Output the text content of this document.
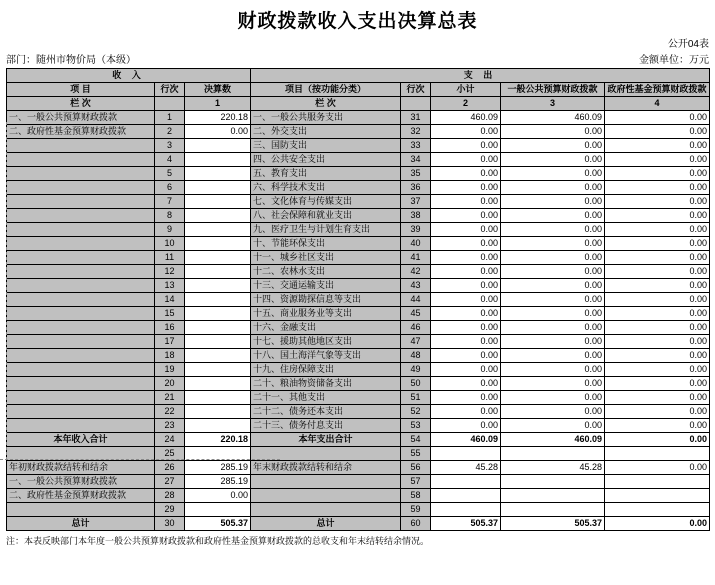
财政拨款收入支出决算总表

公开04表
部门：随州市物价局（本级）	金额单位：万元
收 入			支 出				
项 目	行次	决算数	项目（按功能分类）	行次	小计	一般公共预算财政拨款	政府性基金预算财政拨款
栏 次		1	栏 次		2	3	4
一、一般公共预算财政拨款	1	220.18	一、一般公共服务支出	31	460.09	460.09	0.00
二、政府性基金预算财政拨款	2	0.00	二、外交支出	32	0.00	0.00	0.00
	3		三、国防支出	33	0.00	0.00	0.00
	4		四、公共安全支出	34	0.00	0.00	0.00
	5		五、教育支出	35	0.00	0.00	0.00
	6		六、科学技术支出	36	0.00	0.00	0.00
	7		七、文化体育与传媒支出	37	0.00	0.00	0.00
	8		八、社会保障和就业支出	38	0.00	0.00	0.00
	9		九、医疗卫生与计划生育支出	39	0.00	0.00	0.00
	10		十、节能环保支出	40	0.00	0.00	0.00
	11		十一、城乡社区支出	41	0.00	0.00	0.00
	12		十二、农林水支出	42	0.00	0.00	0.00
	13		十三、交通运输支出	43	0.00	0.00	0.00
	14		十四、资源勘探信息等支出	44	0.00	0.00	0.00
	15		十五、商业服务业等支出	45	0.00	0.00	0.00
	16		十六、金融支出	46	0.00	0.00	0.00
	17		十七、援助其他地区支出	47	0.00	0.00	0.00
	18		十八、国土海洋气象等支出	48	0.00	0.00	0.00
	19		十九、住房保障支出	49	0.00	0.00	0.00
	20		二十、粮油物资储备支出	50	0.00	0.00	0.00
	21		二十一、其他支出	51	0.00	0.00	0.00
	22		二十二、债务还本支出	52	0.00	0.00	0.00
	23		二十三、债务付息支出	53	0.00	0.00	0.00
本年收入合计	24	220.18	本年支出合计	54	460.09	460.09	0.00
	25			55			
年初财政拨款结转和结余	26	285.19	年末财政拨款结转和结余	56	45.28	45.28	0.00
一、一般公共预算财政拨款	27	285.19		57			
二、政府性基金预算财政拨款	28	0.00		58			
	29			59			
总计	30	505.37	总计	60	505.37	505.37	0.00
注：本表反映部门本年度一般公共预算财政拨款和政府性基金预算财政拨款的总收支和年末结转结余情况。
